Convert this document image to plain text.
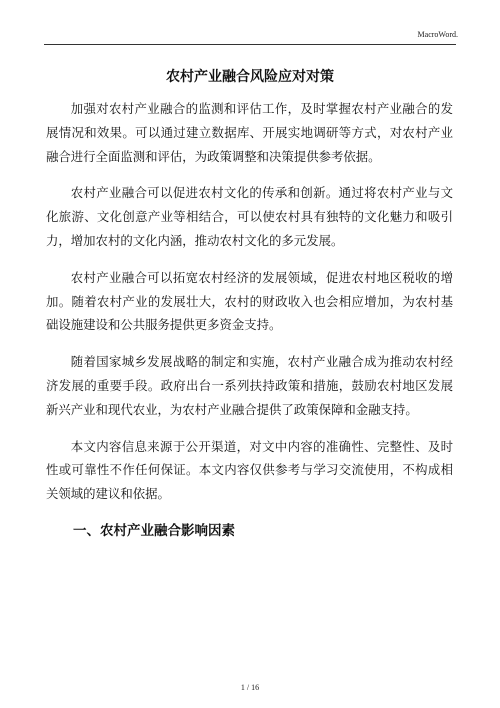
MacroWord.
农村产业融合风险应对对策

加强对农村产业融合的监测和评估工作，及时掌握农村产业融合的发展情况和效果。可以通过建立数据库、开展实地调研等方式，对农村产业融合进行全面监测和评估，为政策调整和决策提供参考依据。

农村产业融合可以促进农村文化的传承和创新。通过将农村产业与文化旅游、文化创意产业等相结合，可以使农村具有独特的文化魅力和吸引力，增加农村的文化内涵，推动农村文化的多元发展。

农村产业融合可以拓宽农村经济的发展领域，促进农村地区税收的增加。随着农村产业的发展壮大，农村的财政收入也会相应增加，为农村基础设施建设和公共服务提供更多资金支持。

随着国家城乡发展战略的制定和实施，农村产业融合成为推动农村经济发展的重要手段。政府出台一系列扶持政策和措施，鼓励农村地区发展新兴产业和现代农业，为农村产业融合提供了政策保障和金融支持。

本文内容信息来源于公开渠道，对文中内容的准确性、完整性、及时性或可靠性不作任何保证。本文内容仅供参考与学习交流使用，不构成相关领域的建议和依据。

一、农村产业融合影响因素
1 / 16
